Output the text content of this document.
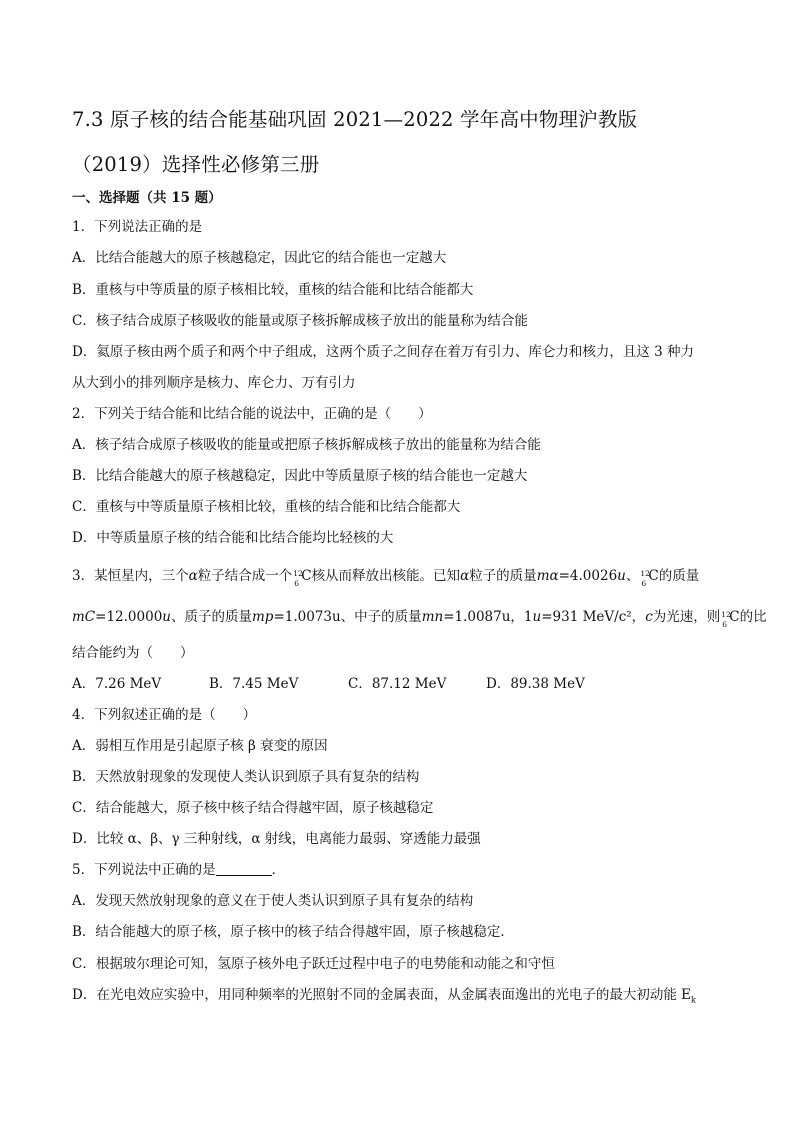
7.3 原子核的结合能基础巩固 2021—2022 学年高中物理沪教版
（2019）选择性必修第三册
一、选择题（共 15 题）
1．下列说法正确的是
A．比结合能越大的原子核越稳定，因此它的结合能也一定越大
B．重核与中等质量的原子核相比较，重核的结合能和比结合能都大
C．核子结合成原子核吸收的能量或原子核拆解成核子放出的能量称为结合能
D．氦原子核由两个质子和两个中子组成，这两个质子之间存在着万有引力、库仑力和核力，且这 3 种力
从大到小的排列顺序是核力、库仑力、万有引力
2．下列关于结合能和比结合能的说法中，正确的是（　　）
A．核子结合成原子核吸收的能量或把原子核拆解成核子放出的能量称为结合能
B．比结合能越大的原子核越稳定，因此中等质量原子核的结合能也一定越大
C．重核与中等质量原子核相比较，重核的结合能和比结合能都大
D．中等质量原子核的结合能和比结合能均比轻核的大
3．某恒星内，三个α粒子结合成一个 12
6 C核从而释放出核能。已知α粒子的质量mα=4.0026u、 12
6 C的质量
mC=12.0000u、质子的质量mp=1.0073u、中子的质量mn=1.0087u，1u=931 MeV/c²，c为光速，则 12
6 C的比
结合能约为（　　）
A．7.26 MeV	B．7.45 MeV	C．87.12 MeV	D．89.38 MeV
4．下列叙述正确的是（　　）
A．弱相互作用是引起原子核 β 衰变的原因
B．天然放射现象的发现使人类认识到原子具有复杂的结构
C．结合能越大，原子核中核子结合得越牢固，原子核越稳定
D．比较 α、β、γ 三种射线，α 射线，电离能力最弱、穿透能力最强
5．下列说法中正确的是	．
A．发现天然放射现象的意义在于使人类认识到原子具有复杂的结构
B．结合能越大的原子核，原子核中的核子结合得越牢固，原子核越稳定．
C．根据玻尔理论可知，氢原子核外电子跃迁过程中电子的电势能和动能之和守恒
D．在光电效应实验中，用同种频率的光照射不同的金属表面，从金属表面逸出的光电子的最大初动能 $E_k$
